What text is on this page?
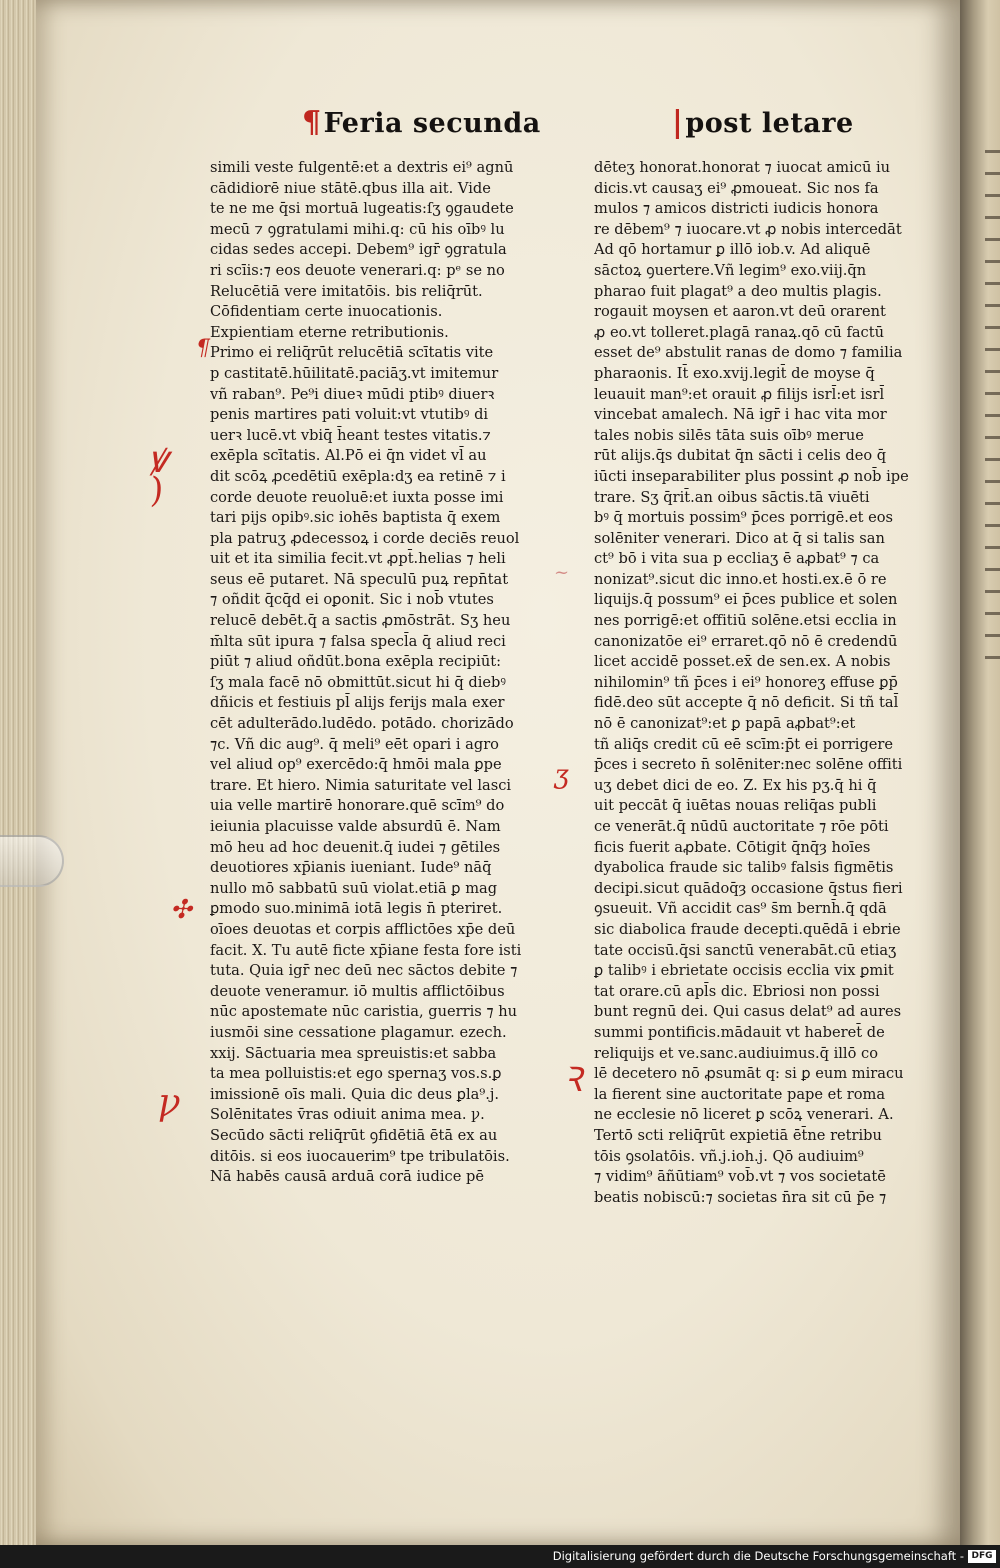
¶Feria secunda	|post letare
simili veste fulgentē:et a dextris ei⁹ agnū
cādidiorē niue stātē.qbus illa ait. Vide
te ne me q̄si mortuā lugeatis:ſʒ ꝯgaudete
mecū ⁊ ꝯgratulami mihi.q: cū his oībꝰ lu
cidas sedes accepi. Debem⁹ igr̄ ꝯgratula
ri scīis:⁊ eos deuote venerari.q: pᵉ se no
Relucētiā vere imitatōis. bis reliq̄rūt.
Cōfidentiam certe inuocationis.
Expientiam eterne retributionis.
Primo ei reliq̄rūt relucētiā scītatis vite
p castitatē.hūilitatē.paciāʒ.vt imitemur
vñ raban⁹. Pe⁹i diueꝛ mūdi ptibꝰ diuerꝛ
penis martires pati voluit:vt vtutibꝰ di
uerꝛ lucē.vt vbiq̄ h̄eant testes vitatis.⁊
exēpla scītatis. Al.Pō ei q̄n videt vl̄ au
dit scōꝝ ꝓcedētiū exēpla:dʒ ea retinē ⁊ i
corde deuote reuoluē:et iuxta posse imi
tari pijs opibꝰ.sic iohēs baptista q̄ exem
pla patruʒ ꝓdecessoꝝ i corde deciēs reuol
uit et ita similia fecit.vt ꝓpt̄.helias ⁊ heli
seus eē putaret. Nā speculū puꝝ repn̄tat
⁊ oñdit q̄cq̄d ei oꝑonit. Sic i nob̄ vtutes
relucē debēt.q̄ a sactis ꝓmōstrāt. Sʒ heu
m̄lta sūt ipura ⁊ falsa specl̄a q̄ aliud reci
piūt ⁊ aliud oñdūt.bona exēpla recipiūt:
ſʒ mala facē nō obmittūt.sicut hi q̄ diebꝰ
dñicis et festiuis pl̄ alijs ferijs mala exer
cēt adulterādo.ludēdo. potādo. chorizādo
⁊c. Vñ dic aug⁹. q̄ meli⁹ eēt opari i agro
vel aliud op⁹ exercēdo:q̄ hmōi mala ꝑpe
trare. Et hiero. Nimia saturitate vel lasci
uia velle martirē honorare.quē scīm⁹ do
ieiunia placuisse valde absurdū ē. Nam
mō heu ad hoc deuenit.q̄ iudei ⁊ gētiles
deuotiores xp̄ianis iueniant. Iude⁹ nāq̄
nullo mō sabbatū suū violat.etiā ꝑ mag
ꝑmodo suo.minimā iotā legis n̄ pteriret.
oīoes deuotas et corpis afflictōes xp̄e deū
facit. X. Tu autē ficte xp̄iane festa fore isti
tuta. Quia igr̄ nec deū nec sāctos debite ⁊
deuote veneramur. iō multis afflictōibus
nūc apostemate nūc caristia, guerris ⁊ hu
iusmōi sine cessatione plagamur. ezech.
xxij. Sāctuaria mea spreuistis:et sabba
ta mea polluistis:et ego spernaʒ vos.s.ꝑ
imissionē oīs mali. Quia dic deus ꝑla⁹.j.
Solēnitates v̄ras odiuit anima mea. ꝩ.
Secūdo sācti reliq̄rūt ꝯfidētiā ētā ex au
ditōis. si eos iuocauerim⁹ tpe tribulatōis.
Nā habēs causā arduā corā iudice pē
dēteʒ honorat.honorat ⁊ iuocat amicū iu
dicis.vt causaʒ ei⁹ ꝓmoueat. Sic nos fa
mulos ⁊ amicos districti iudicis honora
re dēbem⁹ ⁊ iuocare.vt ꝓ nobis intercedāt
Ad qō hortamur ꝑ illō iob.v. Ad aliquē
sāctoꝝ ꝯuertere.Vñ legim⁹ exo.viij.q̄n
pharao fuit plagat⁹ a deo multis plagis.
rogauit moysen et aaron.vt deū orarent
ꝓ eo.vt tolleret.plagā ranaꝝ.qō cū factū
esset de⁹ abstulit ranas de domo ⁊ familia
pharaonis. It̄ exo.xvij.legit̄ de moyse q̄
leuauit man⁹:et orauit ꝓ filijs isrl̄:et isrl̄
vincebat amalech. Nā igr̄ i hac vita mor
tales nobis silēs tāta suis oībꝰ merue
rūt alijs.q̄s dubitat q̄n sācti i celis deo q̄
iūcti inseparabiliter plus possint ꝓ nob̄ ipe
trare. Sʒ q̄rit̄.an oibus sāctis.tā viuēti
bꝰ q̄ mortuis possim⁹ p̄ces porrigē.et eos
solēniter venerari. Dico at q̄ si talis san
ct⁹ bō i vita sua p eccliaʒ ē aꝓbat⁹ ⁊ ca
nonizat⁹.sicut dic inno.et hosti.ex.ē ō re
liquijs.q̄ possum⁹ ei p̄ces publice et solen
nes porrigē:et offitiū solēne.etsi ecclia in
canonizatōe ei⁹ erraret.qō nō ē credendū
licet accidē posset.ex̄ de sen.ex. A nobis
nihilomin⁹ tñ p̄ces i ei⁹ honoreʒ effuse ꝑp̄
fidē.deo sūt accepte q̄ nō deficit. Si tñ tal̄
nō ē canonizat⁹:et ꝑ papā aꝓbat⁹:et
tñ aliq̄s credit cū eē scīm:p̄t ei porrigere
p̄ces i secreto n̄ solēniter:nec solēne offiti
uʒ debet dici de eo. Z. Ex his pʒ.q̄ hi q̄
uit peccāt q̄ iuētas nouas reliq̄as publi
ce venerāt.q̄ nūdū auctoritate ⁊ rōe pōti
ficis fuerit aꝓbate. Cōtigit q̄nq̄ȝ hoīes
dyabolica fraude sic talibꝰ falsis figmētis
decipi.sicut quādoq̄ȝ occasione q̄stus fieri
ꝯsueuit. Vñ accidit cas⁹ s̄m bernh̄.q̄ qdā
sic diabolica fraude decepti.quēdā i ebrie
tate occisū.q̄si sanctū venerabāt.cū etiaʒ
ꝑ talibꝰ i ebrietate occisis ecclia vix ꝑmit
tat orare.cū apl̄s dic. Ebriosi non possi
bunt regnū dei. Qui casus delat⁹ ad aures
summi pontificis.mādauit vt haberet̄ de
reliquijs et ve.sanc.audiuimus.q̄ illō co
lē decetero nō ꝓsumāt q: si ꝑ eum miracu
la fierent sine auctoritate pape et roma
ne ecclesie nō liceret ꝑ scōꝝ venerari. A.
Tertō scti reliq̄rūt expietiā ēt̄ne retribu
tōis ꝯsolatōis. vñ.j.ioh.j. Qō audiuim⁹
⁊ vidim⁹ āñūtiam⁹ vob̄.vt ⁊ vos societatē
beatis nobiscū:⁊ societas n̄ra sit cū p̄e ⁊
ꝟ
)
~
ʒ
✣
Ꝛ
ꝩ
¶
Digitalisierung gefördert durch die Deutsche Forschungsgemeinschaft - DFG
